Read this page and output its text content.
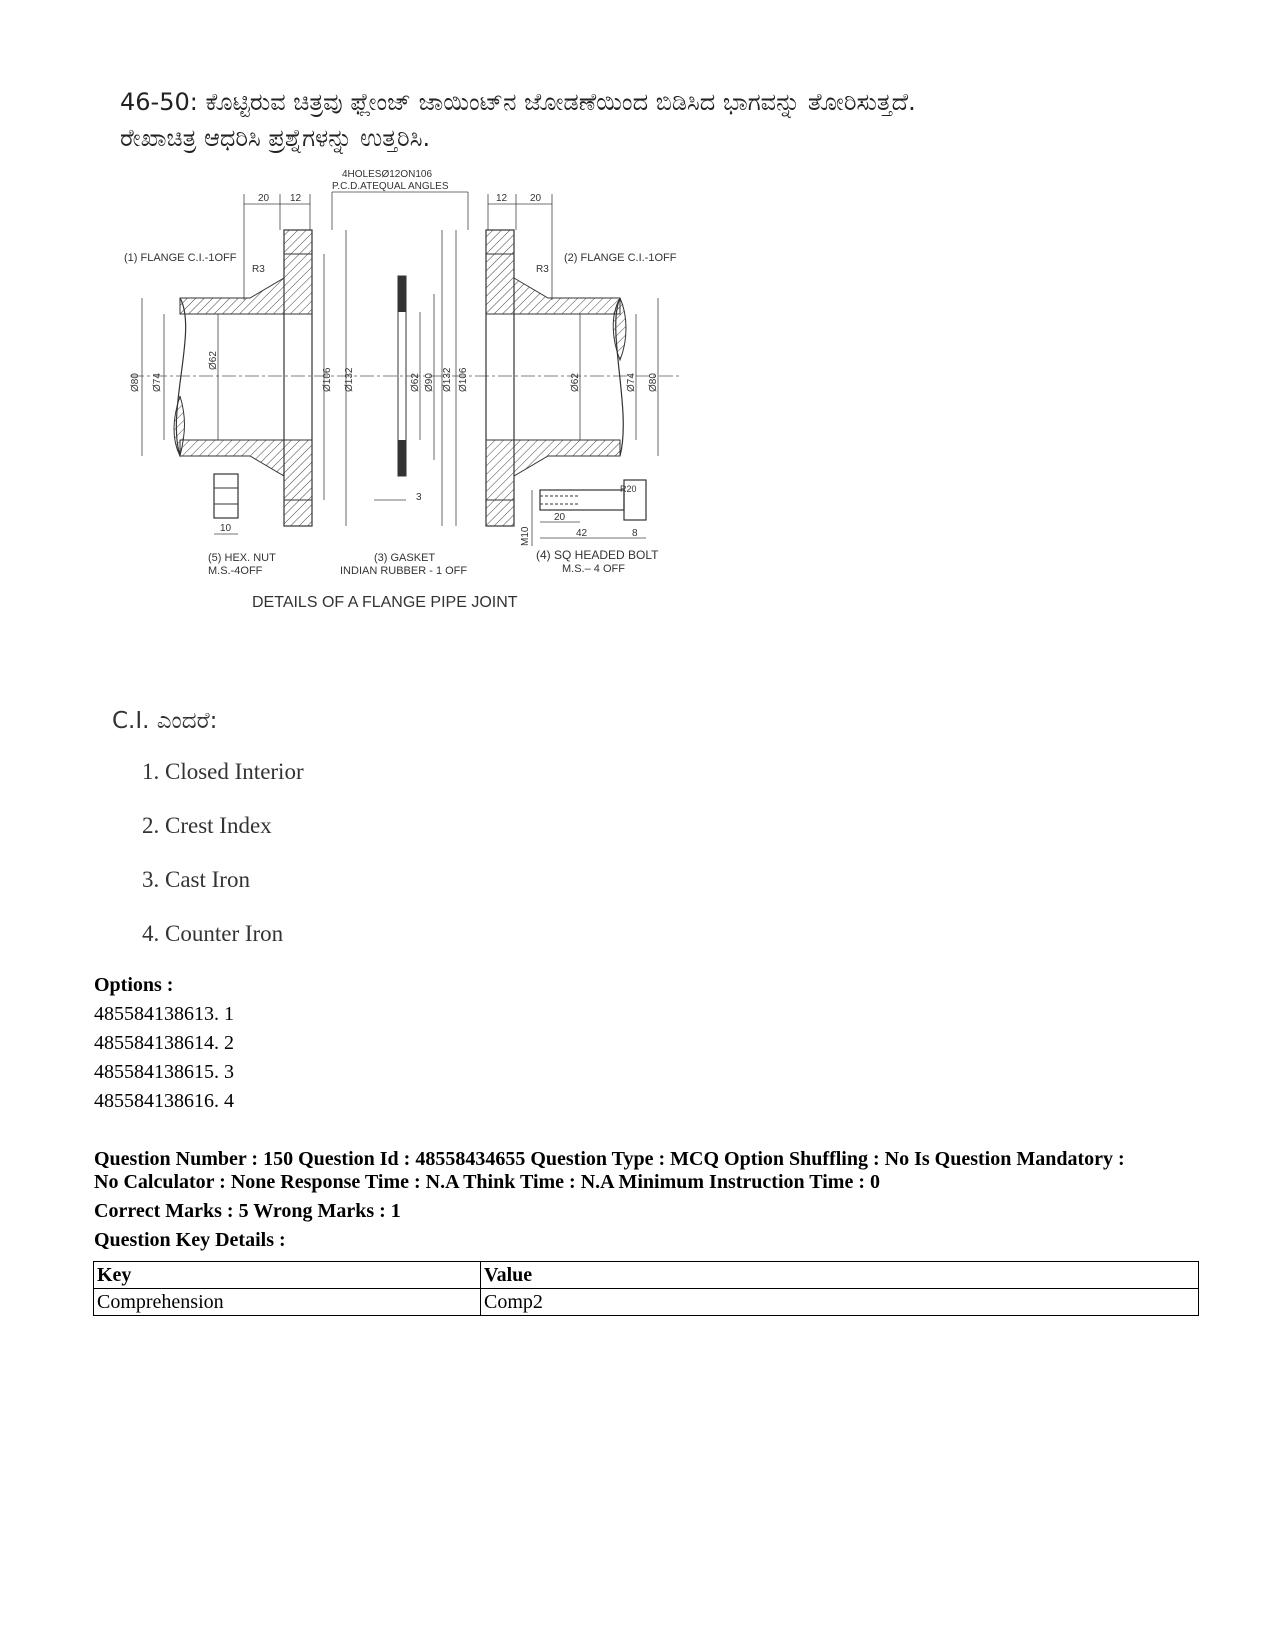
46-50: ಕೊಟ್ಟಿರುವ ಚಿತ್ರವು ಫ್ಲೇಂಜ್ ಜಾಯಿಂಟ್‌ನ ಜೋಡಣೆಯಿಂದ ಬಿಡಿಸಿದ ಭಾಗವನ್ನು ತೋರಿಸುತ್ತದೆ.
ರೇಖಾಚಿತ್ರ ಆಧರಿಸಿ ಪ್ರಶ್ನೆಗಳನ್ನು ಉತ್ತರಿಸಿ.
4HOLESØ12ON106
P.C.D.ATEQUAL ANGLES
20 12	12 20
(1) FLANGE C.I.-1OFF	(2) FLANGE C.I.-1OFF
R3	R3
Ø80 Ø74
Ø62
Ø106 Ø132	Ø62 Ø90 Ø132
3
Ø106	Ø62	Ø74 Ø80
10
R20
20
42	8
M10
(5) HEX. NUT
M.S.-4OFF
(3) GASKET
INDIAN RUBBER - 1 OFF
(4) SQ HEADED BOLT
M.S.– 4 OFF
DETAILS OF A FLANGE PIPE JOINT
C.I. ಎಂದರೆ:
1. Closed Interior
2. Crest Index
3. Cast Iron
4. Counter Iron
Options :
485584138613. 1
485584138614. 2
485584138615. 3
485584138616. 4
Question Number : 150 Question Id : 48558434655 Question Type : MCQ Option Shuffling : No Is Question Mandatory :
No Calculator : None Response Time : N.A Think Time : N.A Minimum Instruction Time : 0
Correct Marks : 5 Wrong Marks : 1
Question Key Details :
Key	Value
Comprehension	Comp2
